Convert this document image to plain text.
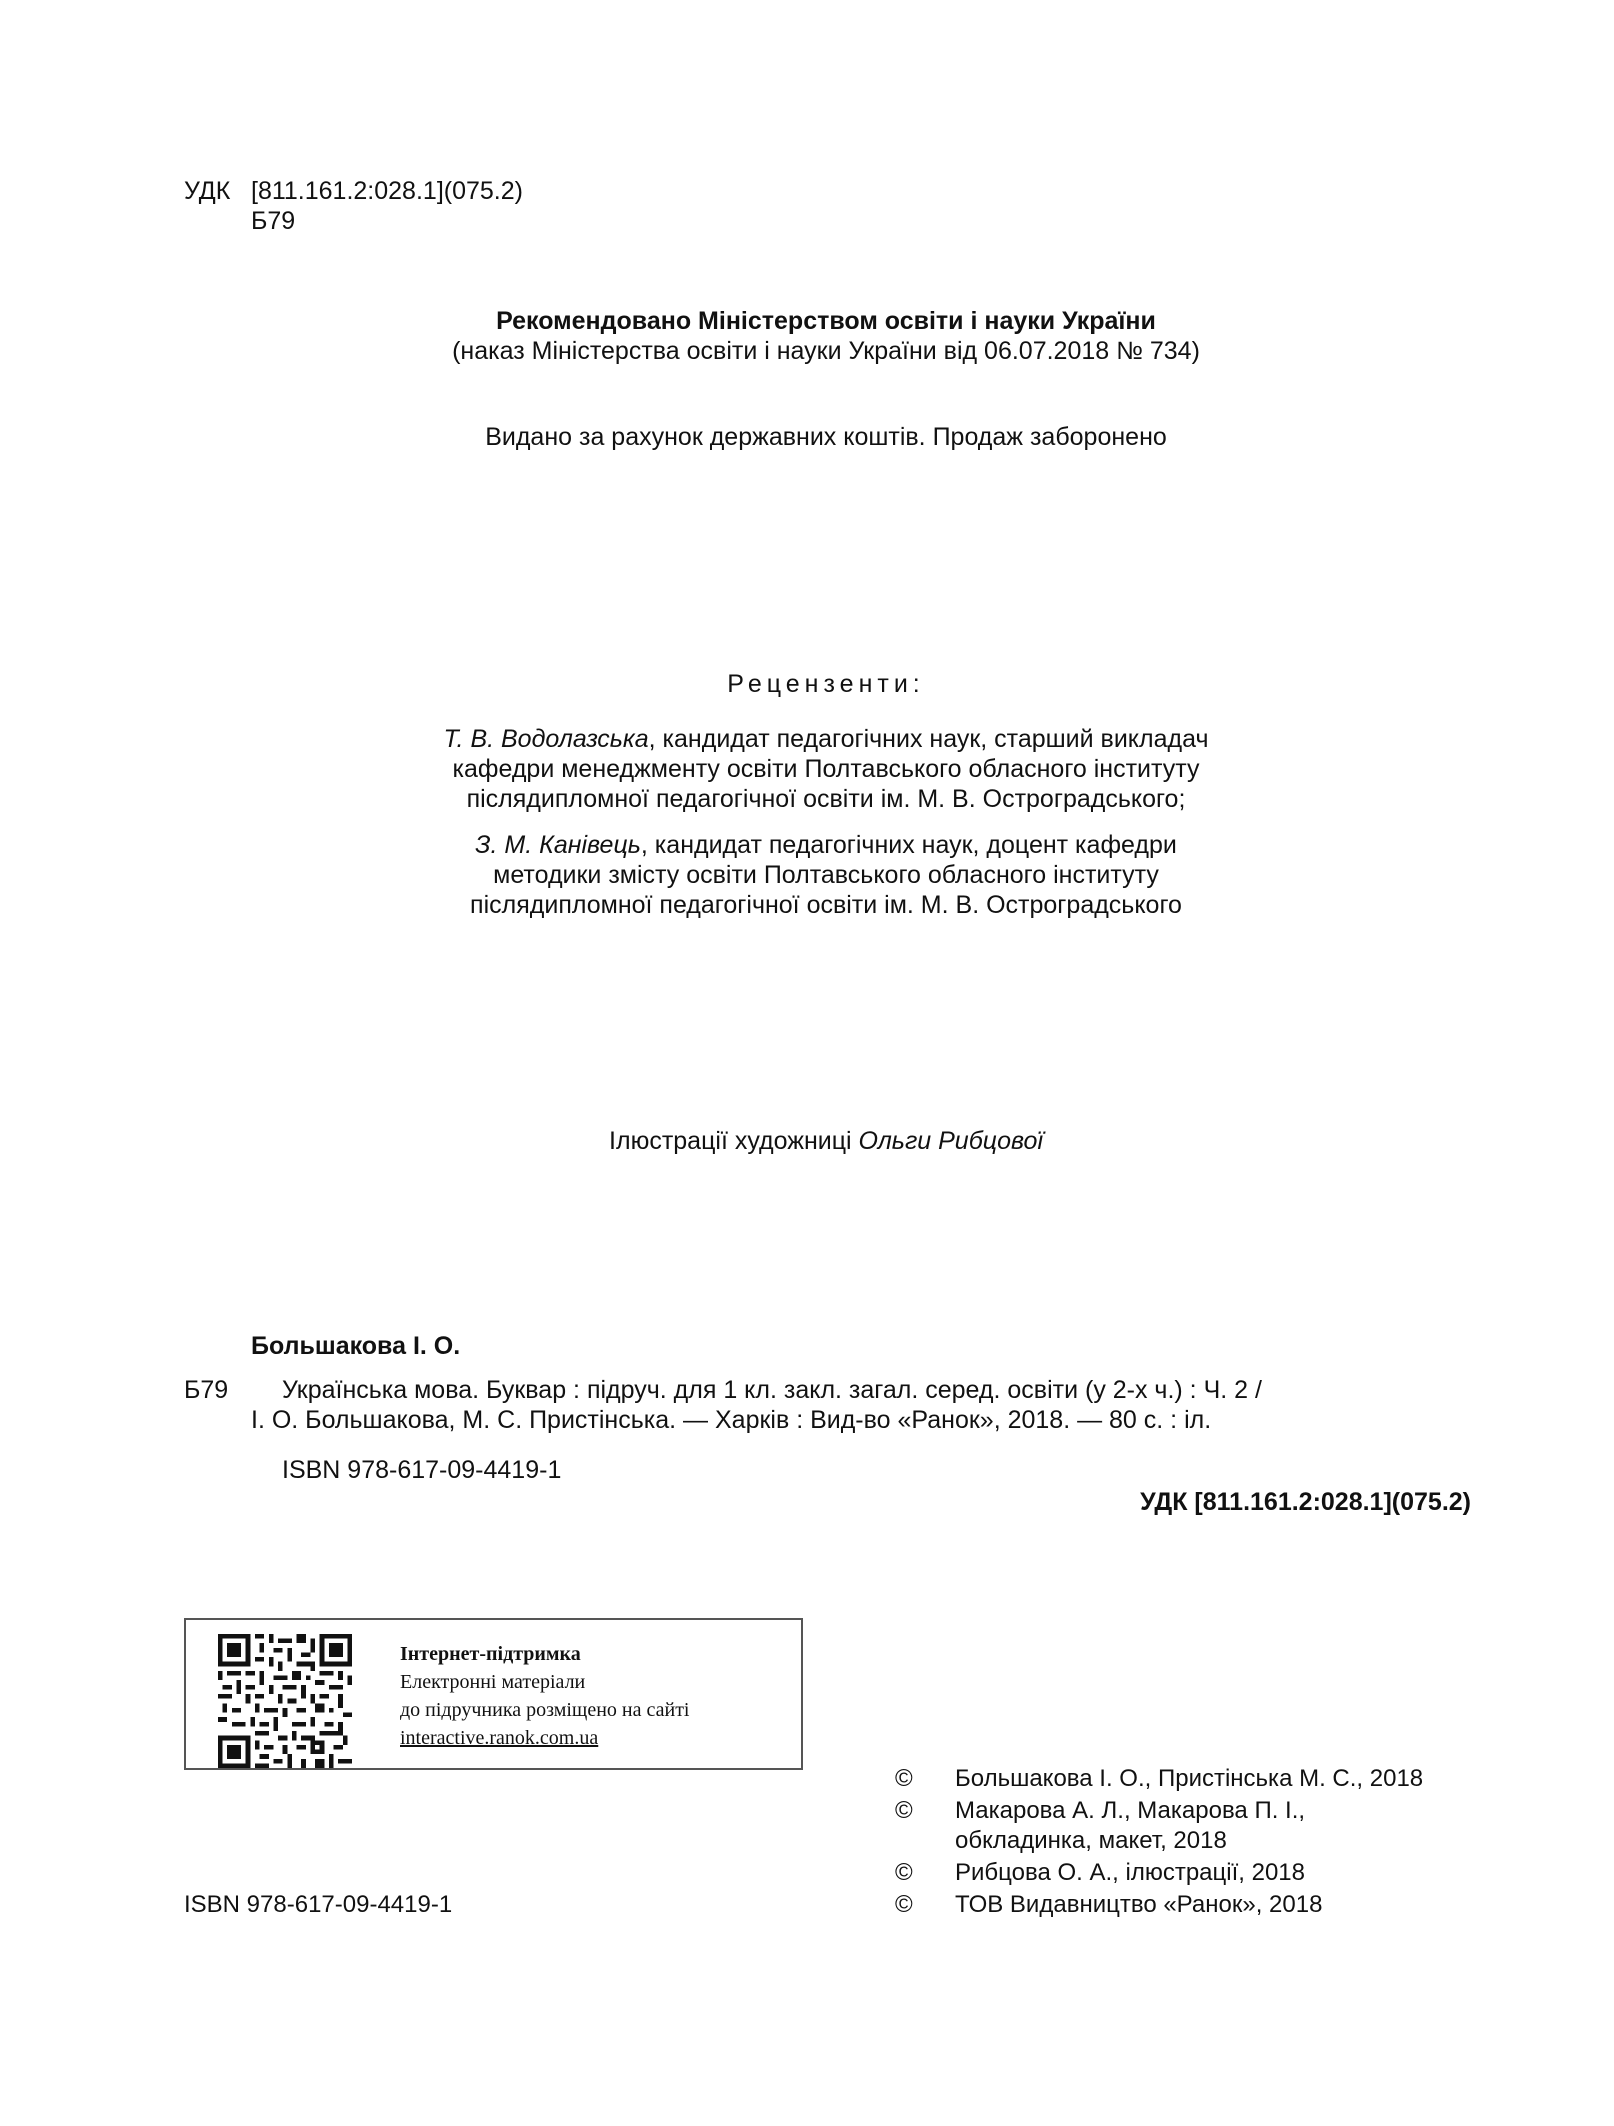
УДК [811.161.2:028.1](075.2)
Б79
Рекомендовано Міністерством освіти і науки України
(наказ Міністерства освіти і науки України від 06.07.2018 № 734)
Видано за рахунок державних коштів. Продаж заборонено
Рецензенти:
Т. В. Водолазська, кандидат педагогічних наук, старший викладач
кафедри менеджменту освіти Полтавського обласного інституту
післядипломної педагогічної освіти ім. М. В. Остроградського;
З. М. Канівець, кандидат педагогічних наук, доцент кафедри
методики змісту освіти Полтавського обласного інституту
післядипломної педагогічної освіти ім. М. В. Остроградського
Ілюстрації художниці Ольги Рибцової
Большакова І. О.
Б79 Українська мова. Буквар : підруч. для 1 кл. закл. загал. серед. освіти (у 2-х ч.) : Ч. 2 /
І. О. Большакова, М. С. Пристінська. — Харків : Вид-во «Ранок», 2018. — 80 с. : іл.
ISBN 978-617-09-4419-1
УДК [811.161.2:028.1](075.2)
Інтернет-підтримка
Електронні матеріали
до підручника розміщено на сайті
interactive.ranok.com.ua
© Большакова І. О., Пристінська М. С., 2018
© Макарова А. Л., Макарова П. І.,
обкладинка, макет, 2018
© Рибцова О. А., ілюстрації, 2018
© ТОВ Видавництво «Ранок», 2018
ISBN 978-617-09-4419-1
